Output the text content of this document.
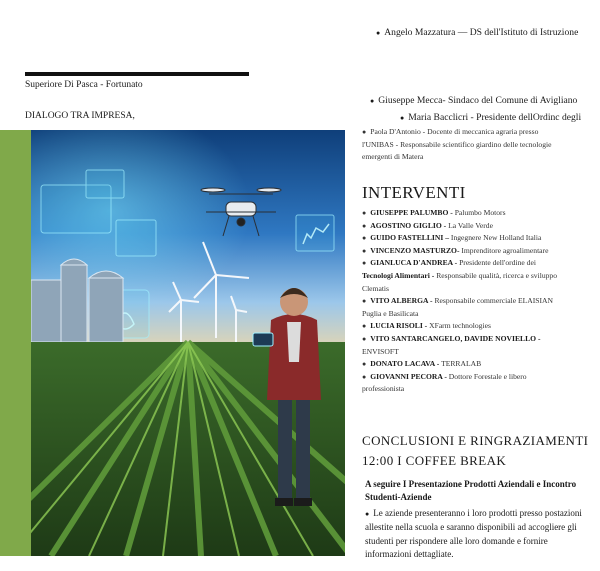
● Angelo Mazzatura — DS dell'Istituto di Istruzione
Superiore Di Pasca - Fortunato
DIALOGO TRA IMPRESA,
● Giuseppe Mecca- Sindaco del Comune di Avigliano
● Maria Bacclicri - Presidente dellOrdinc degli
● Paola D'Antonio - Docente di meccanica agraria presso
l'UNIBAS - Responsabile scientifico giardino delle tecnologie
emergenti di Matera
INTERVENTI
● GIUSEPPE PALUMBO - Palumbo Motors
● AGOSTINO GIGLIO - La Valle Verde
● GUIDO FASTELLINI – Ingegnere New Holland Italia
● VINCENZO MASTURZO- Imprenditore agroalimentare
● GIANLUCA D'ANDREA - Presidente dell'ordine dei
Tecnologi Alimentari - Responsabile qualità, ricerca e sviluppo
Clematis
● VITO ALBERGA - Responsabile commerciale ELAISIAN
Puglia e Basilicata
● LUCIA RISOLI - XFarm technologies
● VITO SANTARCANGELO, DAVIDE NOVIELLO -
ENVISOFT
● DONATO LACAVA - TERRALAB
● GIOVANNI PECORA - Dottore Forestale e libero
professionista
CONCLUSIONI E RINGRAZIAMENTI
12:00 I COFFEE BREAK
A seguire I Presentazione Prodotti Aziendali e Incontro Studenti-Aziende
● Le aziende presenteranno i loro prodotti presso postazioni allestite nella scuola e saranno disponibili ad accogliere gli studenti per rispondere alle loro domande e fornire informazioni dettagliate.
